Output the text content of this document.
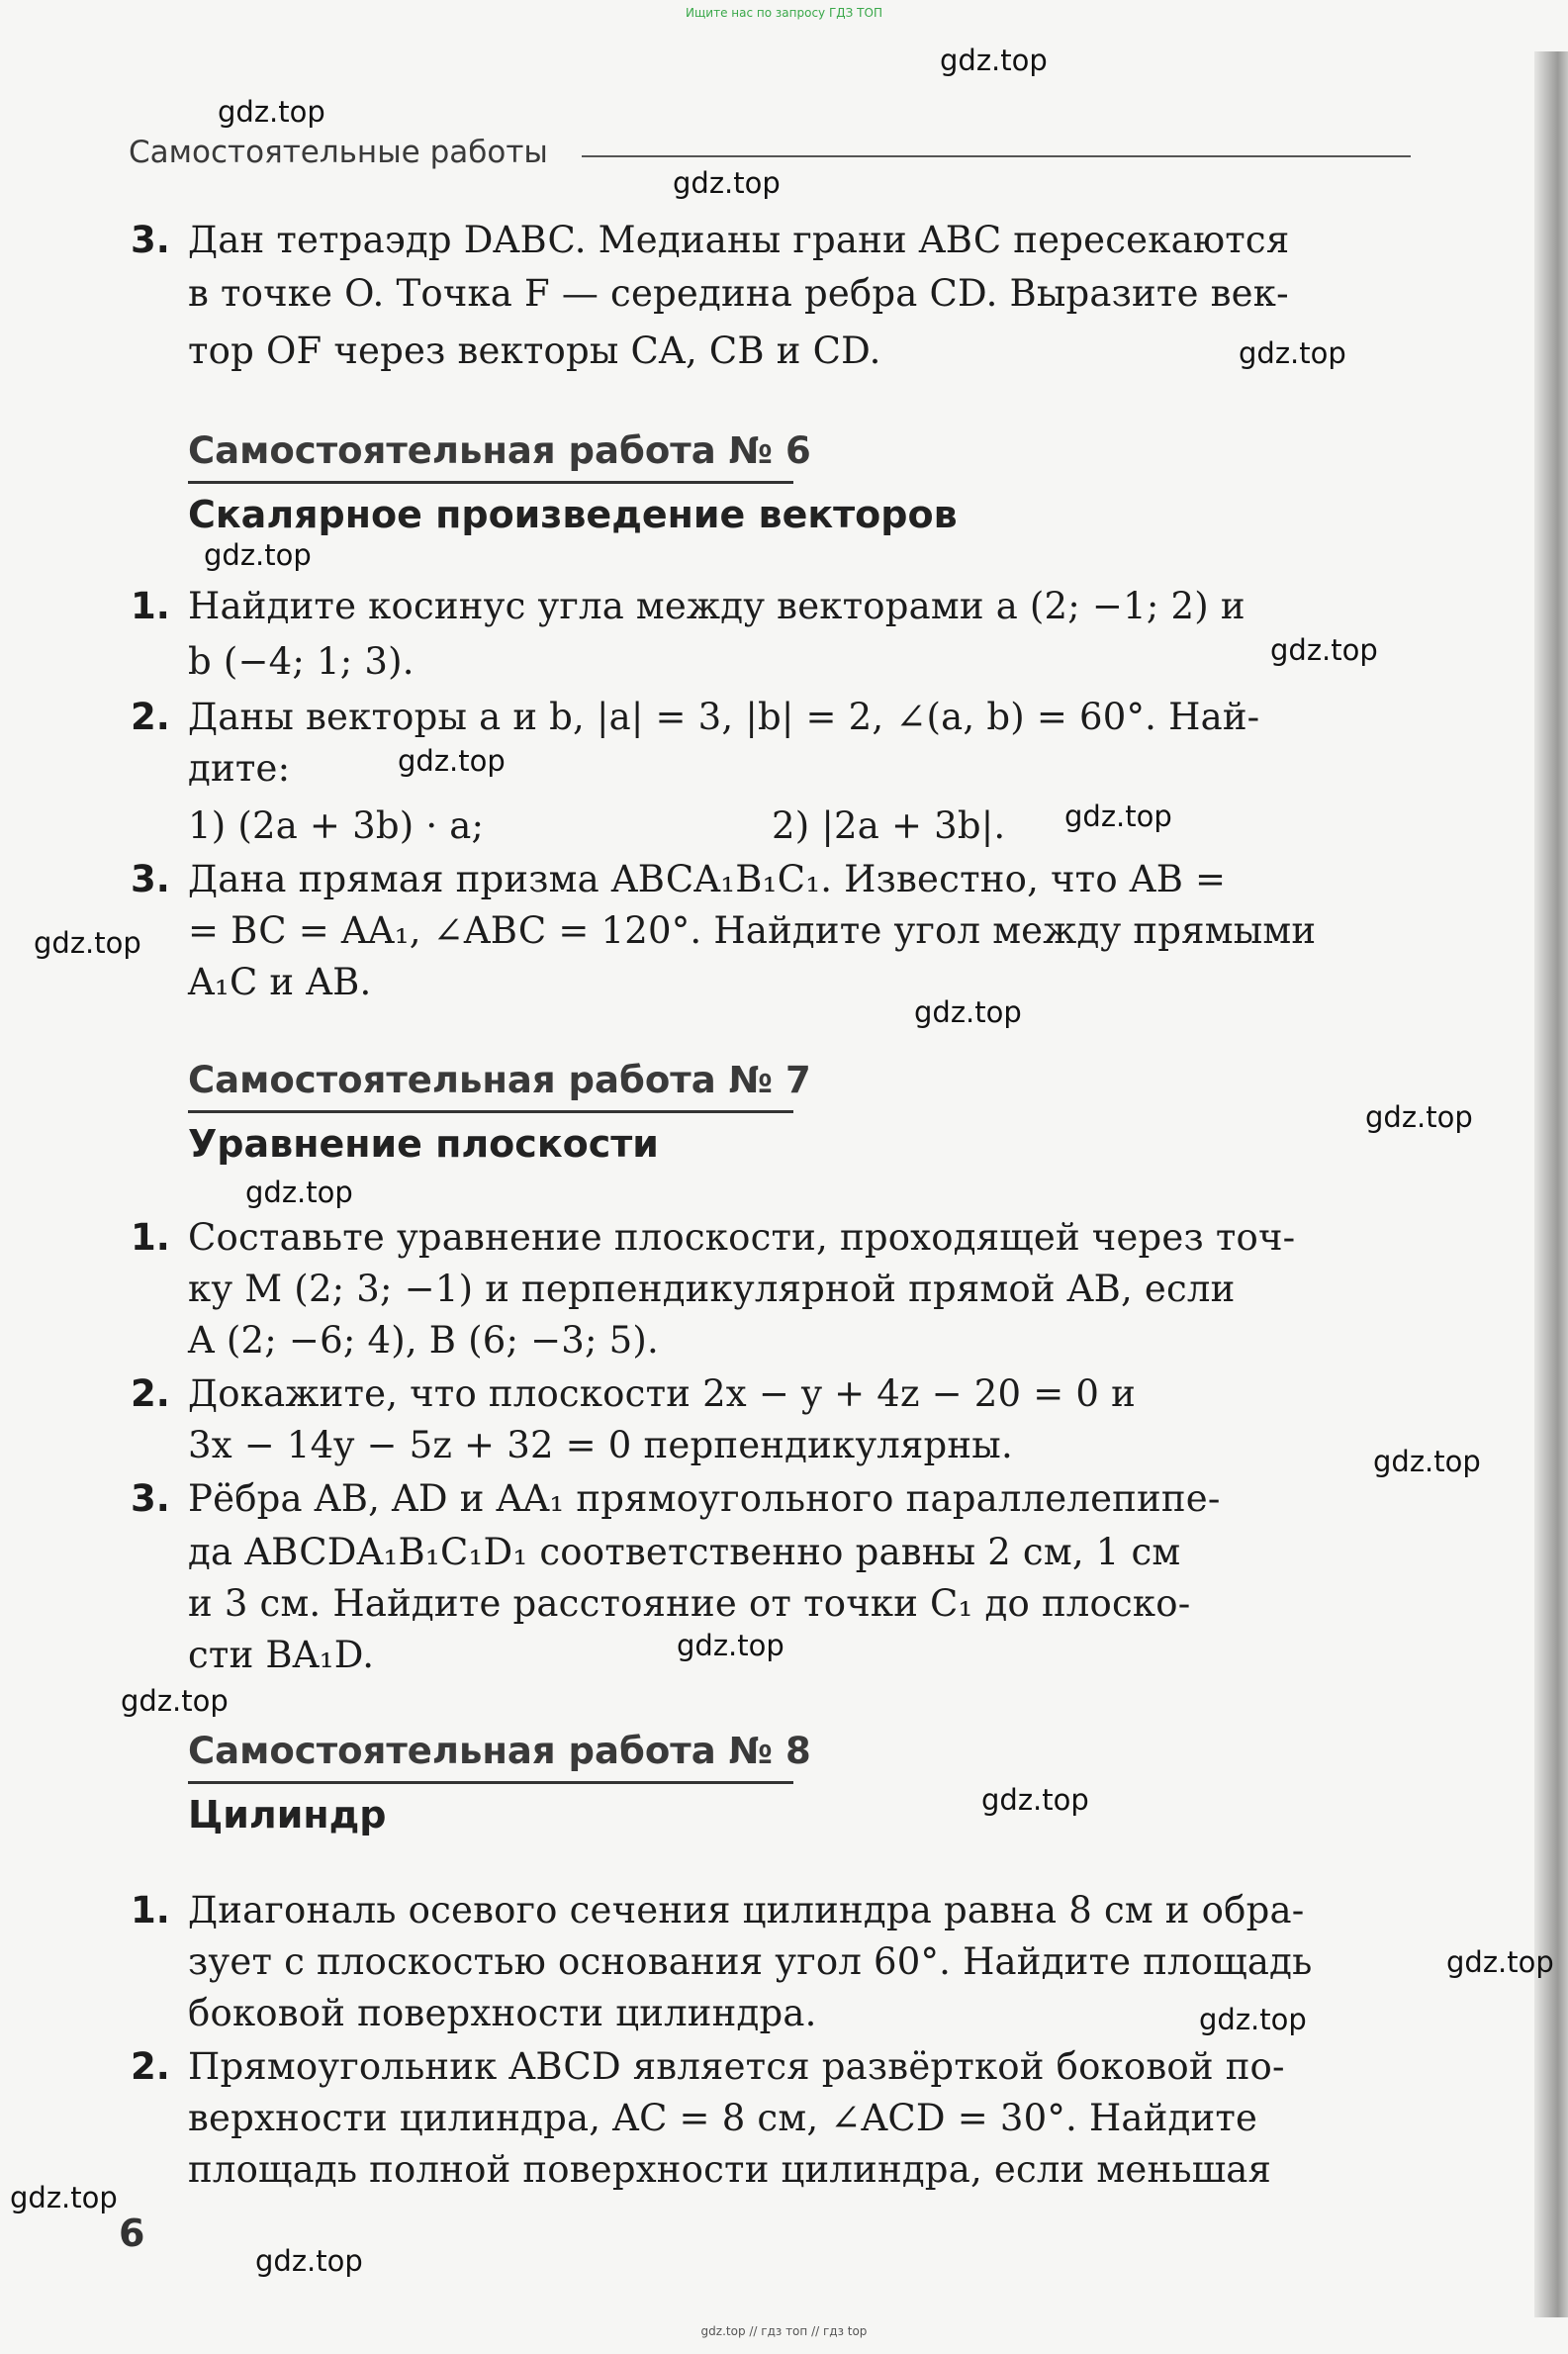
Ищите нас по запросу ГДЗ ТОП
gdz.top // гдз топ // гдз top
Самостоятельные работы
3. Дан тетраэдр DABC. Медианы грани ABC пересекаются
в точке O. Точка F — середина ребра CD. Выразите век-
тор OF через векторы CA, CB и CD.
Самостоятельная работа № 6
Скалярное произведение векторов
1. Найдите косинус угла между векторами a (2; −1; 2) и
b (−4; 1; 3).
2. Даны векторы a и b, |a| = 3, |b| = 2, ∠(a, b) = 60°. Най-
дите:
1) (2a + 3b) · a;	2) |2a + 3b|.
3. Дана прямая призма ABCA₁B₁C₁. Известно, что AB =
= BC = AA₁, ∠ABC = 120°. Найдите угол между прямыми
A₁C и AB.
Самостоятельная работа № 7
Уравнение плоскости
1. Составьте уравнение плоскости, проходящей через точ-
ку M (2; 3; −1) и перпендикулярной прямой AB, если
A (2; −6; 4), B (6; −3; 5).
2. Докажите, что плоскости 2x − y + 4z − 20 = 0 и
3x − 14y − 5z + 32 = 0 перпендикулярны.
3. Рёбра AB, AD и AA₁ прямоугольного параллелепипе-
да ABCDA₁B₁C₁D₁ соответственно равны 2 см, 1 см
и 3 см. Найдите расстояние от точки C₁ до плоско-
сти BA₁D.
Самостоятельная работа № 8
Цилиндр
1. Диагональ осевого сечения цилиндра равна 8 см и обра-
зует с плоскостью основания угол 60°. Найдите площадь
боковой поверхности цилиндра.
2. Прямоугольник ABCD является развёрткой боковой по-
верхности цилиндра, AC = 8 см, ∠ACD = 30°. Найдите
площадь полной поверхности цилиндра, если меньшая
6
gdz.top
gdz.top
gdz.top
gdz.top
gdz.top
gdz.top
gdz.top
gdz.top
gdz.top
gdz.top
gdz.top
gdz.top
gdz.top
gdz.top
gdz.top
gdz.top
gdz.top
gdz.top
gdz.top
gdz.top
